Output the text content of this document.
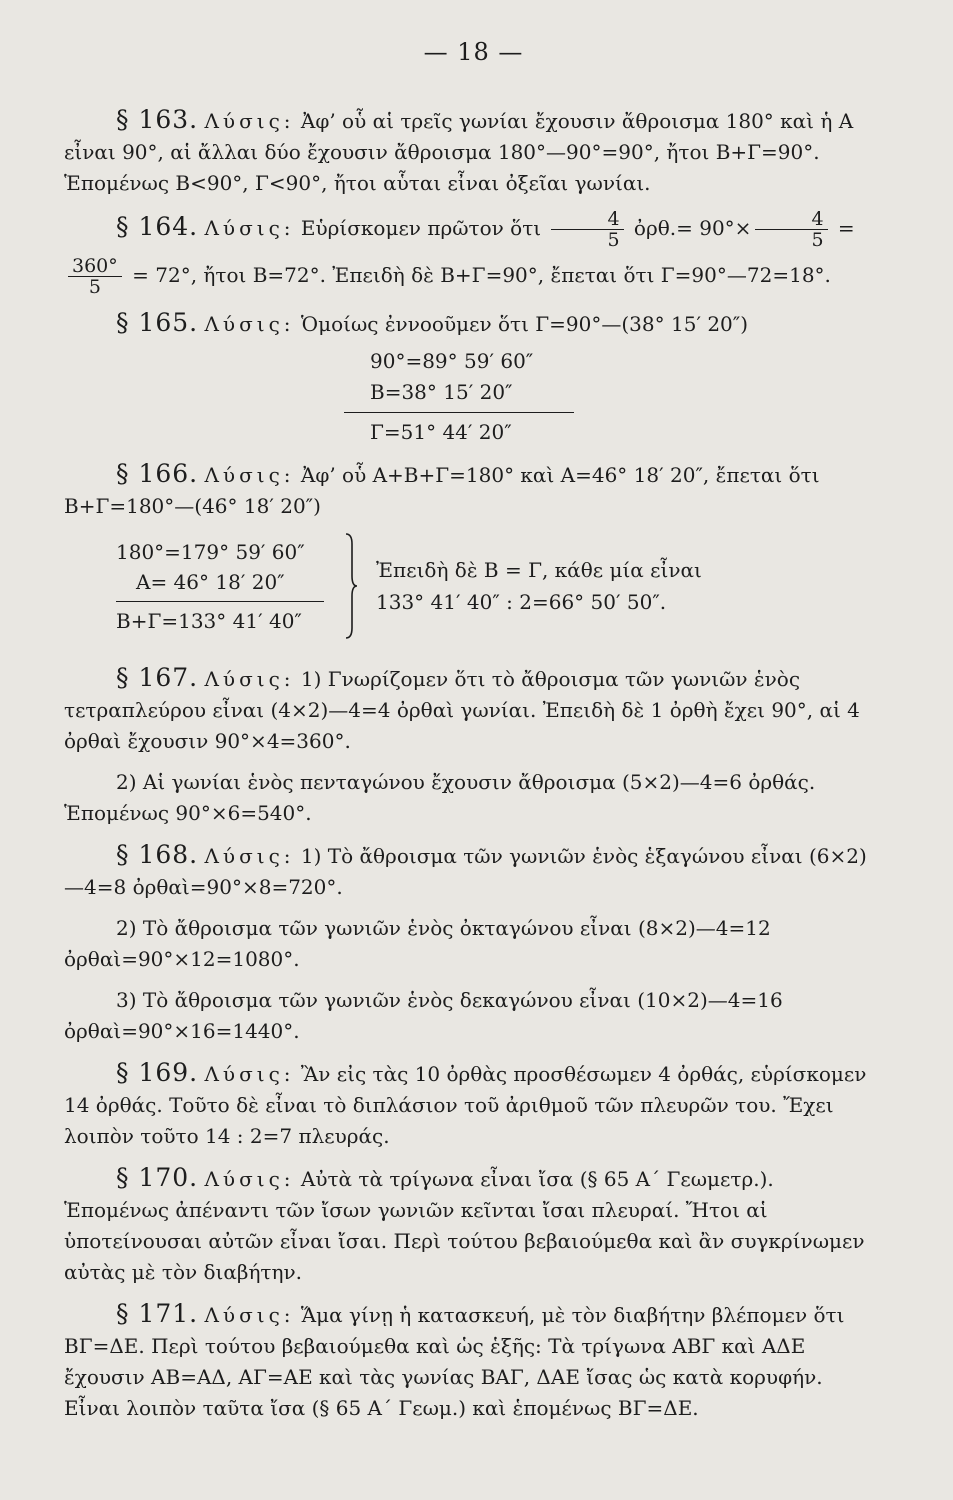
— 18 —

§ 163. Λύσις: Ἀφ’ οὗ αἱ τρεῖς γωνίαι ἔχουσιν ἄθροισμα 180° καὶ ἡ Α εἶναι 90°, αἱ ἄλλαι δύο ἔχουσιν ἄθροισμα 180°—90°=90°, ἤτοι Β+Γ=90°. Ἑπομένως Β<90°, Γ<90°, ἤτοι αὗται εἶναι ὀξεῖαι γωνίαι.

§ 164. Λύσις: Εὑρίσκομεν πρῶτον ὅτι $\frac{4}{5}$ ὀρθ.= $90^\circ\times \frac{4}{5}$ =

$\frac{360^\circ}{5} = 72^\circ$, ἤτοι Β=72°. Ἐπειδὴ δὲ Β+Γ=90°, ἔπεται ὅτι Γ=90°—72=18°.

§ 165. Λύσις: Ὁμοίως ἐννοοῦμεν ὅτι Γ=90°—(38° 15′ 20″)

90°=89° 59′ 60″
Β=38° 15′ 20″
Γ=51° 44′ 20″

§ 166. Λύσις: Ἀφ’ οὗ Α+Β+Γ=180° καὶ Α=46° 18′ 20″, ἔπεται ὅτι Β+Γ=180°—(46° 18′ 20″)

180°=179° 59′ 60″
Α= 46° 18′ 20″
Β+Γ=133° 41′ 40″
Ἐπειδὴ δὲ Β = Γ, κάθε μία εἶναι
133° 41′ 40″ : 2=66° 50′ 50″.

§ 167. Λύσις: 1) Γνωρίζομεν ὅτι τὸ ἄθροισμα τῶν γωνιῶν ἑνὸς τετραπλεύρου εἶναι (4×2)—4=4 ὀρθαὶ γωνίαι. Ἐπειδὴ δὲ 1 ὀρθὴ ἔχει 90°, αἱ 4 ὀρθαὶ ἔχουσιν 90°×4=360°.

2) Αἱ γωνίαι ἑνὸς πενταγώνου ἔχουσιν ἄθροισμα (5×2)—4=6 ὀρθάς. Ἑπομένως 90°×6=540°.

§ 168. Λύσις: 1) Τὸ ἄθροισμα τῶν γωνιῶν ἑνὸς ἑξαγώνου εἶναι (6×2)—4=8 ὀρθαὶ=90°×8=720°.

2) Τὸ ἄθροισμα τῶν γωνιῶν ἑνὸς ὀκταγώνου εἶναι (8×2)—4=12 ὀρθαὶ=90°×12=1080°.

3) Τὸ ἄθροισμα τῶν γωνιῶν ἑνὸς δεκαγώνου εἶναι (10×2)—4=16 ὀρθαὶ=90°×16=1440°.

§ 169. Λύσις: Ἂν εἰς τὰς 10 ὀρθὰς προσθέσωμεν 4 ὀρθάς, εὑρίσκομεν 14 ὀρθάς. Τοῦτο δὲ εἶναι τὸ διπλάσιον τοῦ ἀριθμοῦ τῶν πλευρῶν του. Ἔχει λοιπὸν τοῦτο 14 : 2=7 πλευράς.

§ 170. Λύσις: Αὐτὰ τὰ τρίγωνα εἶναι ἴσα (§ 65 Α΄ Γεωμετρ.). Ἑπομένως ἀπέναντι τῶν ἴσων γωνιῶν κεῖνται ἴσαι πλευραί. Ἤτοι αἱ ὑποτείνουσαι αὐτῶν εἶναι ἴσαι. Περὶ τούτου βεβαιούμεθα καὶ ἂν συγκρίνωμεν αὐτὰς μὲ τὸν διαβήτην.

§ 171. Λύσις: Ἅμα γίνῃ ἡ κατασκευή, μὲ τὸν διαβήτην βλέπομεν ὅτι ΒΓ=ΔΕ. Περὶ τούτου βεβαιούμεθα καὶ ὡς ἑξῆς: Τὰ τρίγωνα ΑΒΓ καὶ ΑΔΕ ἔχουσιν ΑΒ=ΑΔ, ΑΓ=ΑΕ καὶ τὰς γωνίας ΒΑΓ, ΔΑΕ ἴσας ὡς κατὰ κορυφήν. Εἶναι λοιπὸν ταῦτα ἴσα (§ 65 Α΄ Γεωμ.) καὶ ἑπομένως ΒΓ=ΔΕ.
